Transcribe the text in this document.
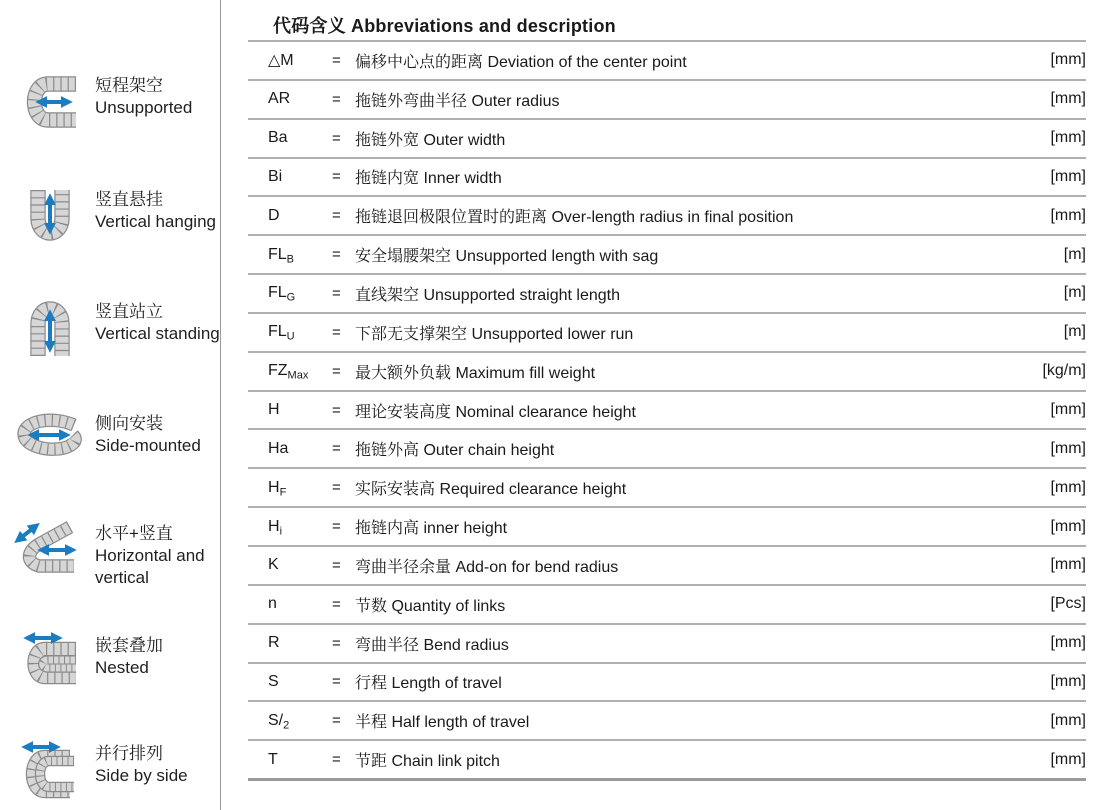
短程架空
Unsupported
竖直悬挂
Vertical hanging
竖直站立
Vertical standing
侧向安装
Side-mounted
水平+竖直
Horizontal and vertical
嵌套叠加
Nested
并行排列
Side by side
代码含义 Abbreviations and description
△M	= 偏移中心点的距离 Deviation of the center point	[mm]
AR	= 拖链外弯曲半径 Outer radius	[mm]
Ba	= 拖链外宽 Outer width	[mm]
Bi	= 拖链内宽 Inner width	[mm]
D	= 拖链退回极限位置时的距离 Over-length radius in final position	[mm]
$FL_B$	= 安全塌腰架空 Unsupported length with sag	[m]
$FL_G$	= 直线架空 Unsupported straight length	[m]
$FL_U$	= 下部无支撑架空 Unsupported lower run	[m]
$FZ_{Max}$	= 最大额外负载 Maximum fill weight	[kg/m]
H	= 理论安装高度 Nominal clearance height	[mm]
Ha	= 拖链外高 Outer chain height	[mm]
$H_F$	= 实际安装高 Required clearance height	[mm]
$H_i$	= 拖链内高 inner height	[mm]
K	= 弯曲半径余量 Add-on for bend radius	[mm]
n	= 节数 Quantity of links	[Pcs]
R	= 弯曲半径 Bend radius	[mm]
S	= 行程 Length of travel	[mm]
$S/_2$	= 半程 Half length of travel	[mm]
T	= 节距 Chain link pitch	[mm]
